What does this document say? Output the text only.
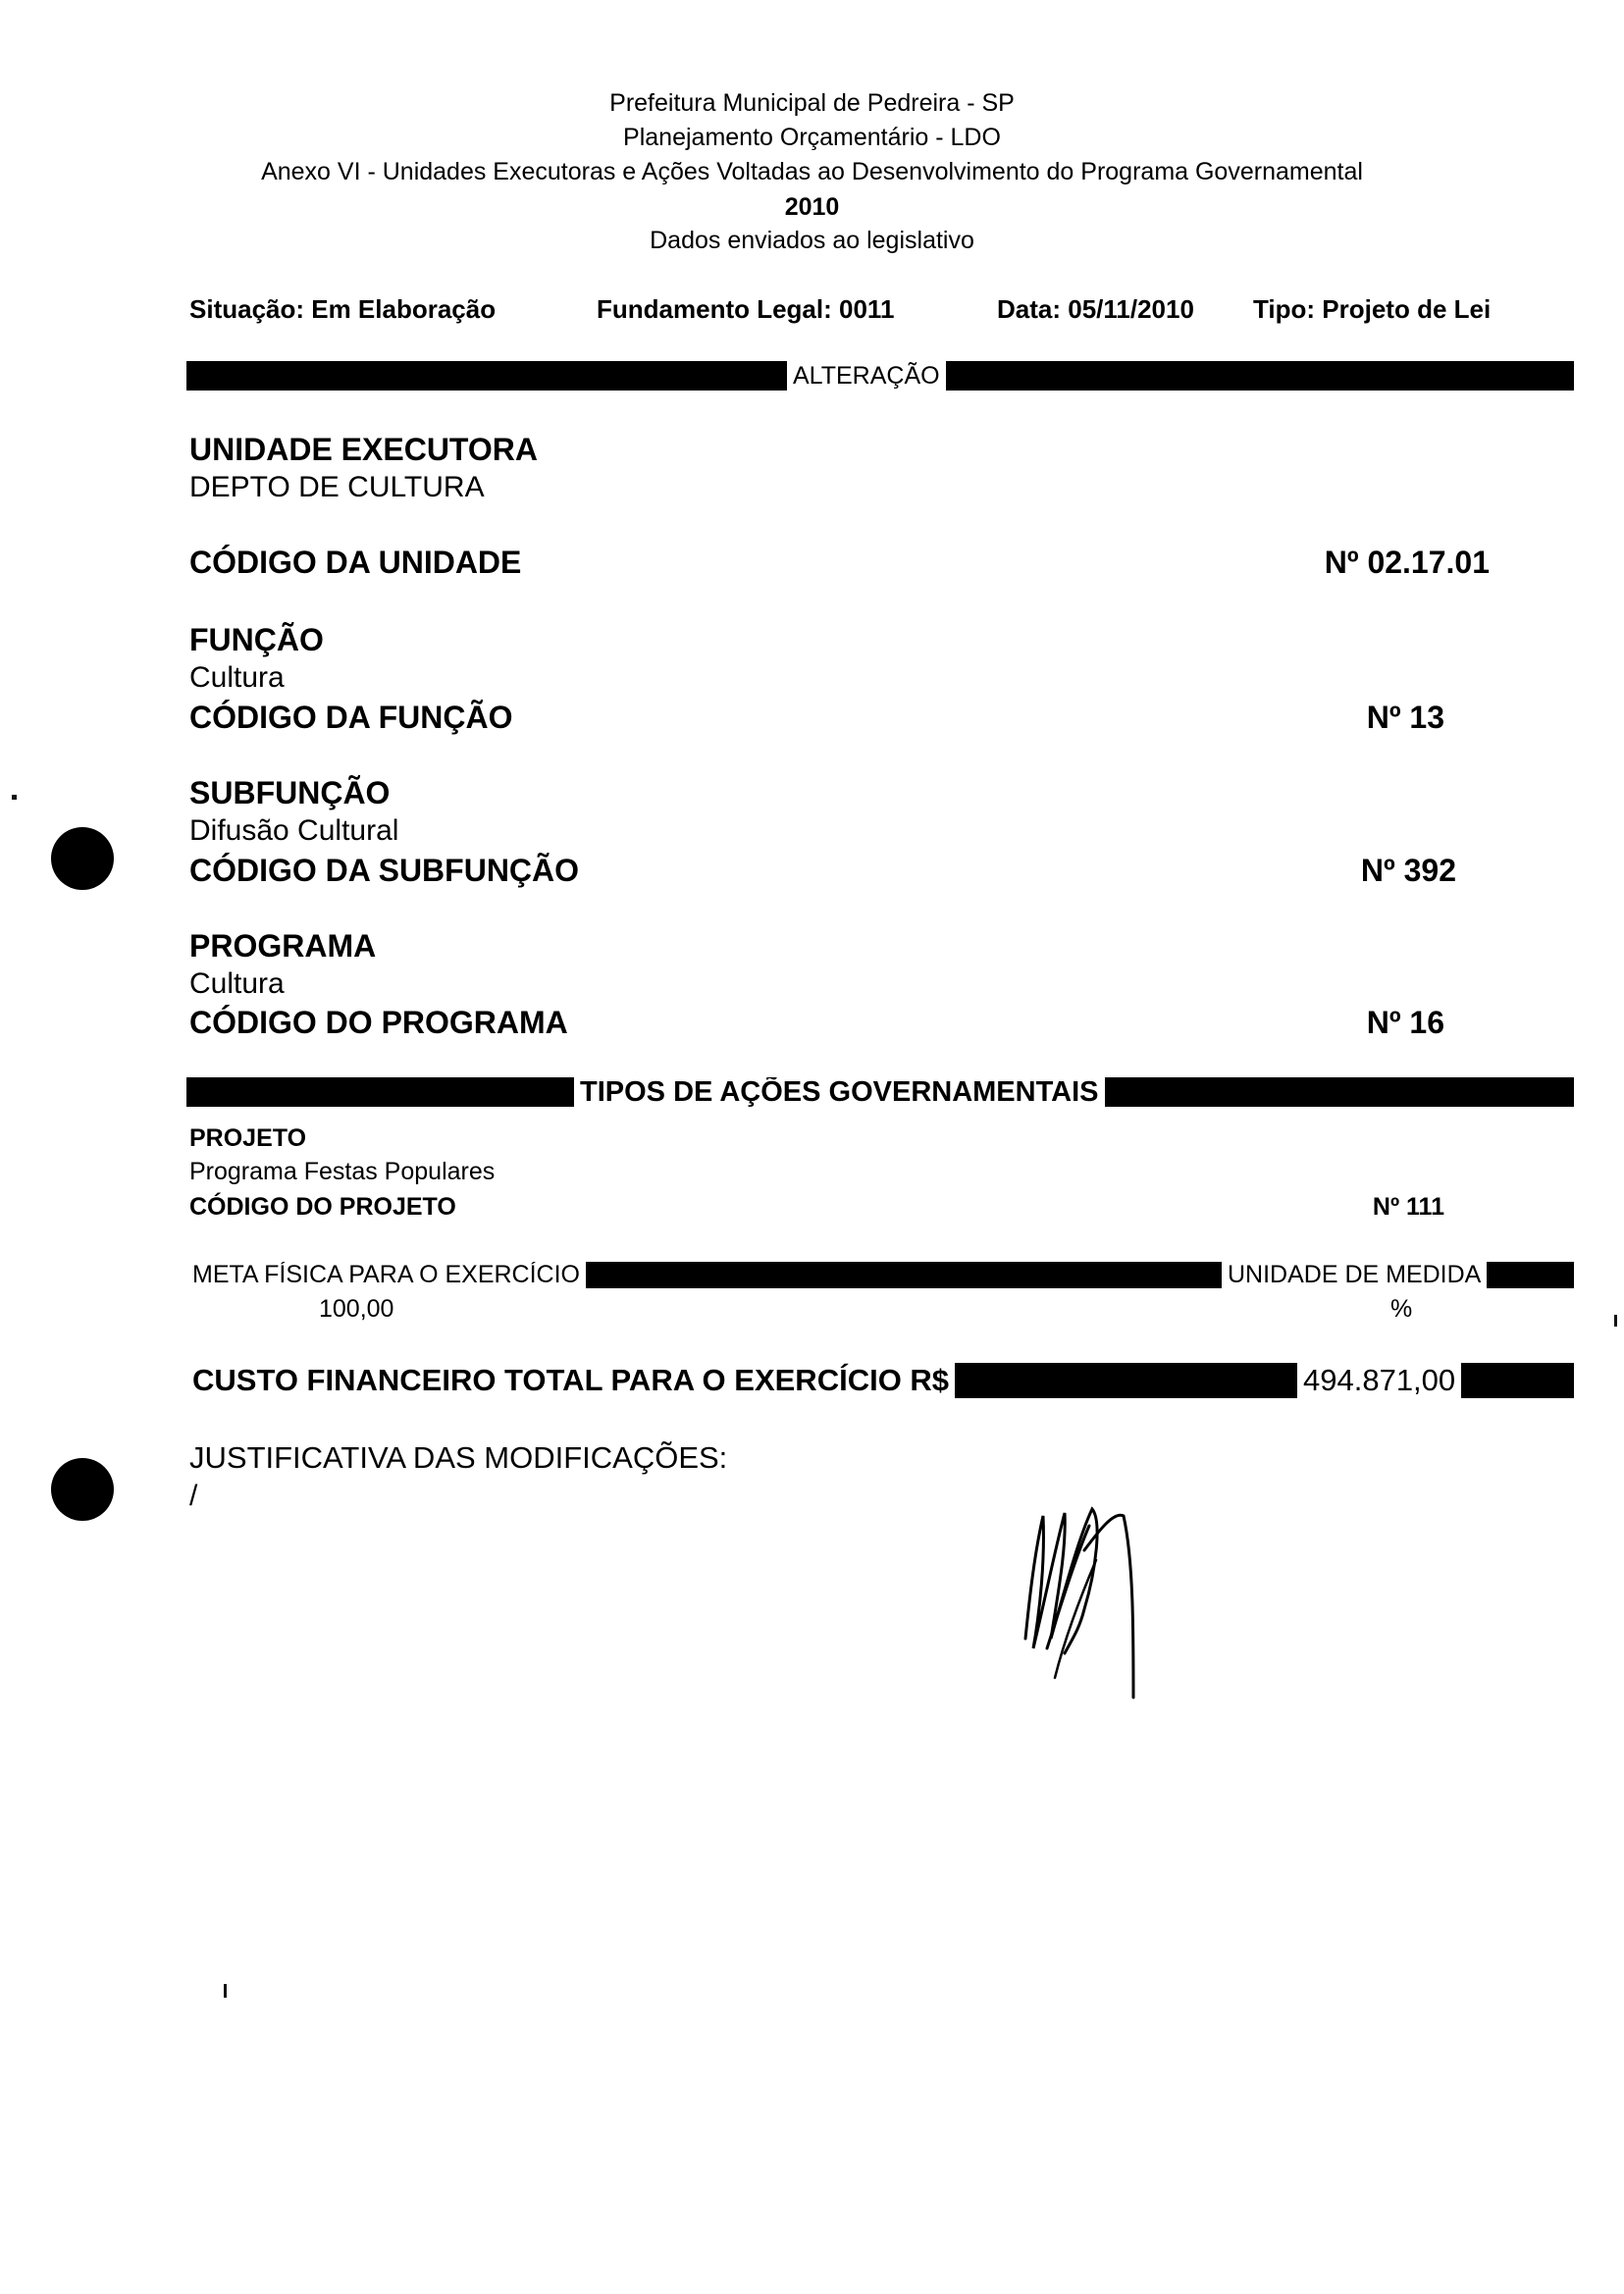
Prefeitura Municipal de Pedreira - SP
Planejamento Orçamentário - LDO
Anexo VI - Unidades Executoras e Ações Voltadas ao Desenvolvimento do Programa Governamental
2010
Dados enviados ao legislativo
Situação: Em Elaboração	Fundamento Legal: 0011	Data: 05/11/2010 Tipo: Projeto de Lei
ALTERAÇÃO
UNIDADE EXECUTORA
DEPTO DE CULTURA
CÓDIGO DA UNIDADE	Nº 02.17.01
FUNÇÃO
Cultura
CÓDIGO DA FUNÇÃO	Nº 13
SUBFUNÇÃO
Difusão Cultural
CÓDIGO DA SUBFUNÇÃO	Nº 392
PROGRAMA
Cultura
CÓDIGO DO PROGRAMA	Nº 16
TIPOS DE AÇÕES GOVERNAMENTAIS
PROJETO
Programa Festas Populares
CÓDIGO DO PROJETO	Nº 111
META FÍSICA PARA O EXERCÍCIO	UNIDADE DE MEDIDA
100,00	%
CUSTO FINANCEIRO TOTAL PARA O EXERCÍCIO R$	494.871,00
JUSTIFICATIVA DAS MODIFICAÇÕES:
/
